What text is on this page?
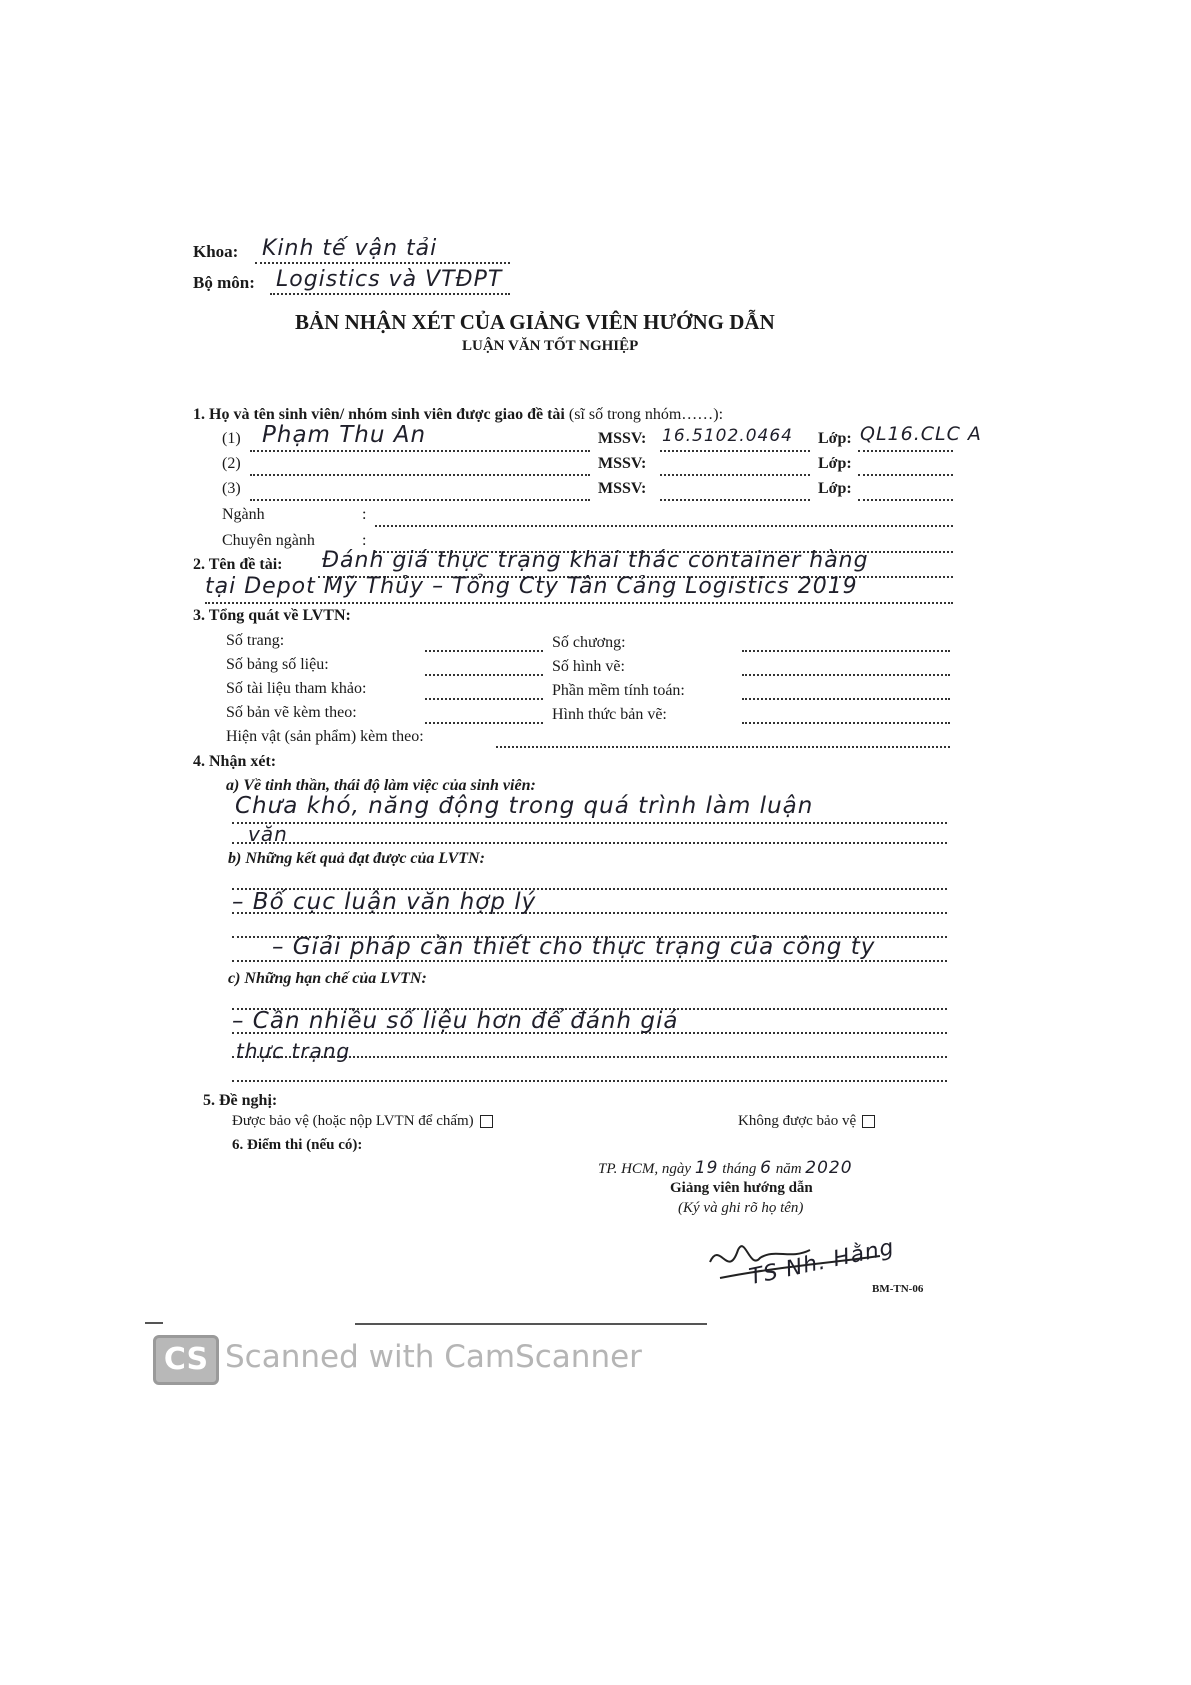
Khoa: Kinh tế vận tải
Bộ môn: Logistics và VTĐPT
BẢN NHẬN XÉT CỦA GIẢNG VIÊN HƯỚNG DẪN
LUẬN VĂN TỐT NGHIỆP
1. Họ và tên sinh viên/ nhóm sinh viên được giao đề tài (sĩ số trong nhóm……):
(1) Phạm Thu An	MSSV: 16.5102.0464 Lớp: QL16.CLC A
(2)	MSSV:	Lớp:
(3)	MSSV:	Lớp:
Ngành	:
Chuyên ngành	:
2. Tên đề tài: Đánh giá thực trạng khai thác container hàng
tại Depot Mỹ Thủy – Tổng Cty Tân Cảng Logistics 2019
3. Tổng quát về LVTN:
Số trang:	Số chương:
Số bảng số liệu:	Số hình vẽ:
Số tài liệu tham khảo:	Phần mềm tính toán:
Số bản vẽ kèm theo:	Hình thức bản vẽ:
Hiện vật (sản phẩm) kèm theo:
4. Nhận xét:
a) Về tinh thần, thái độ làm việc của sinh viên:
Chưa khó, năng động trong quá trình làm luận
văn
b) Những kết quả đạt được của LVTN:
– Bố cục luận văn hợp lý
– Giải pháp cần thiết cho thực trạng của công ty
c) Những hạn chế của LVTN:
– Cần nhiều số liệu hơn để đánh giá
thực trạng
5. Đề nghị:
Được bảo vệ (hoặc nộp LVTN để chấm)	Không được bảo vệ
6. Điểm thi (nếu có):
TP. HCM, ngày 19 tháng 6 năm 2020
Giảng viên hướng dẫn
(Ký và ghi rõ họ tên)
TS Nh. Hằng
BM-TN-06
CS Scanned with CamScanner
